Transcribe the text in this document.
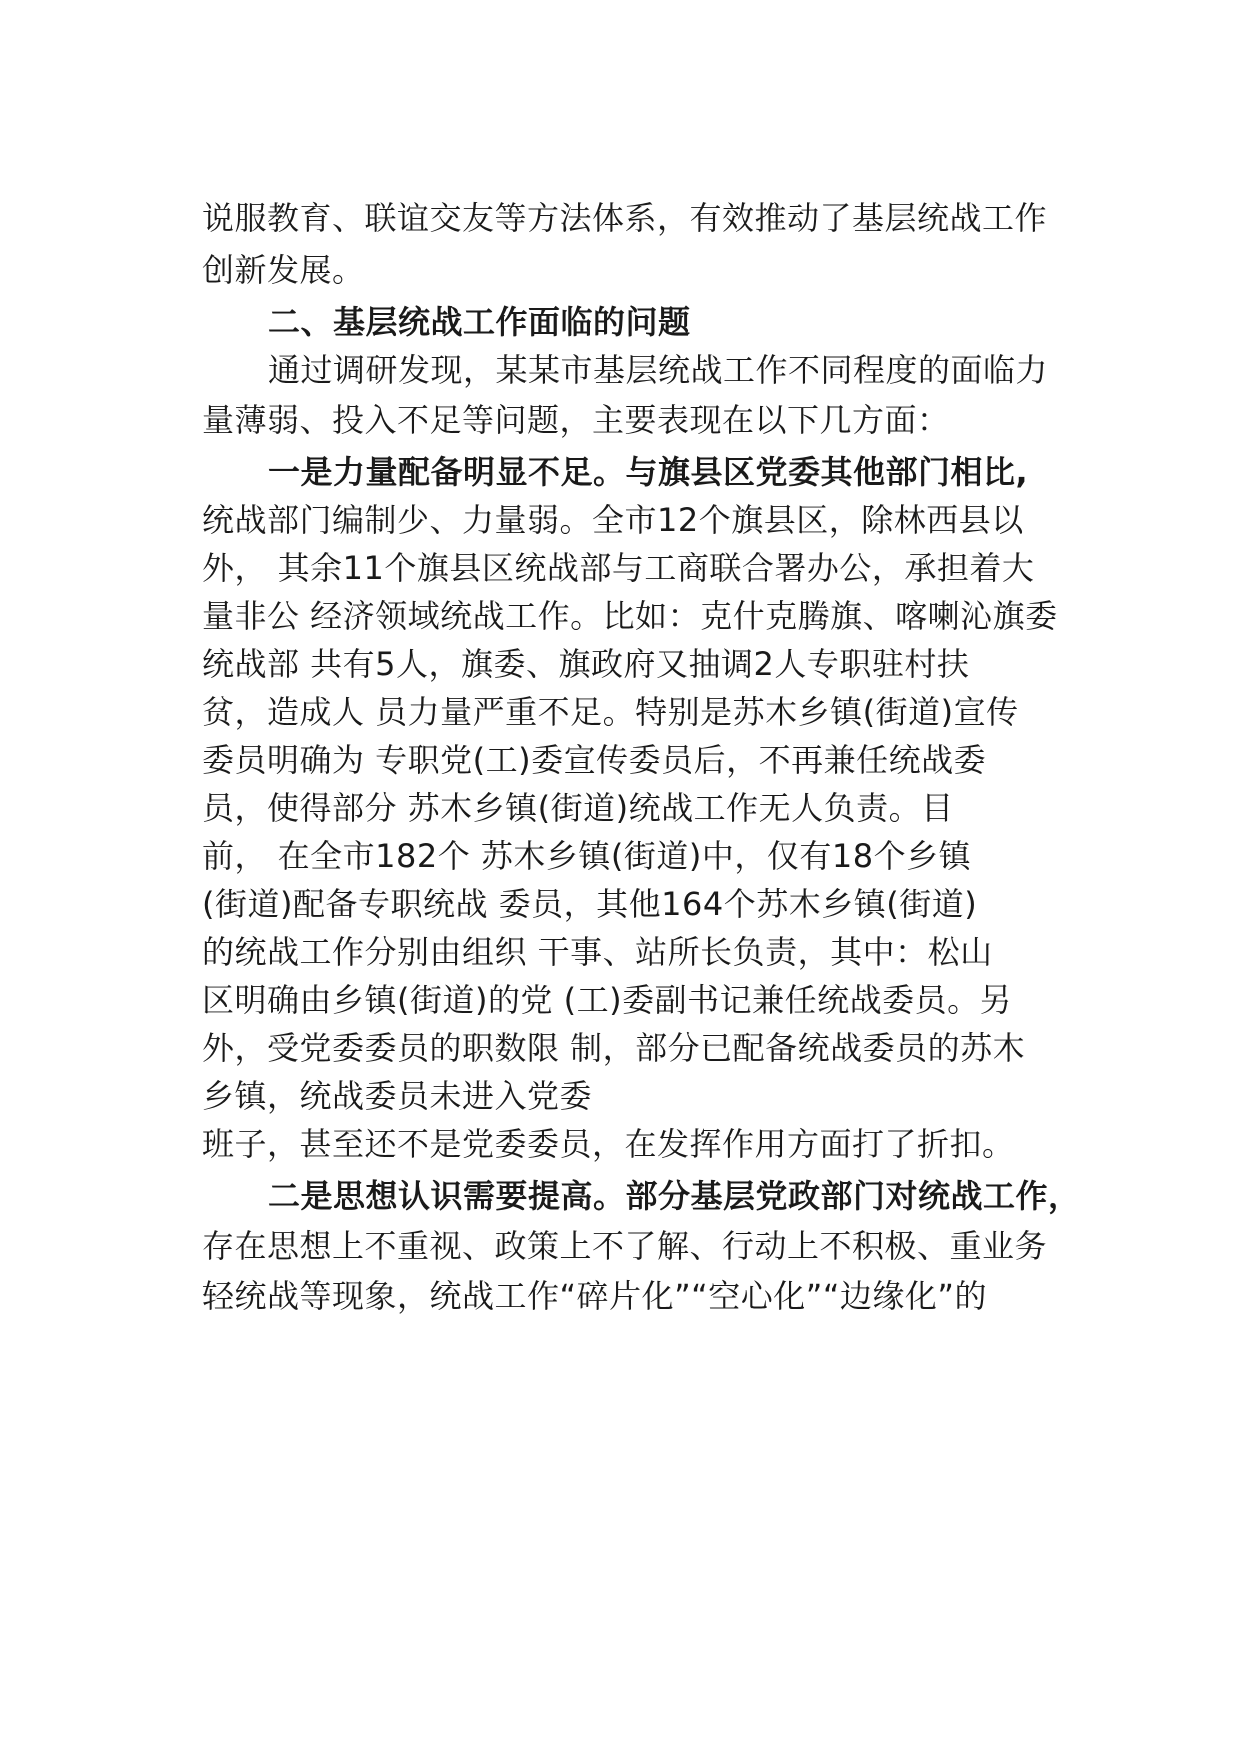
说服教育、联谊交友等方法体系，有效推动了基层统战工作
创新发展。
二、基层统战工作面临的问题
通过调研发现，某某市基层统战工作不同程度的面临力
量薄弱、投入不足等问题，主要表现在以下几方面：
一是力量配备明显不足。与旗县区党委其他部门相比,
统战部门编制少、力量弱。全市12个旗县区，除林西县以
外， 其余11个旗县区统战部与工商联合署办公，承担着大
量非公 经济领域统战工作。比如：克什克腾旗、喀喇沁旗委
统战部 共有5人，旗委、旗政府又抽调2人专职驻村扶
贫，造成人 员力量严重不足。特别是苏木乡镇(街道)宣传
委员明确为 专职党(工)委宣传委员后，不再兼任统战委
员，使得部分 苏木乡镇(街道)统战工作无人负责。目
前， 在全市182个 苏木乡镇(街道)中，仅有18个乡镇
(街道)配备专职统战 委员，其他164个苏木乡镇(街道)
的统战工作分别由组织 干事、站所长负责，其中：松山
区明确由乡镇(街道)的党 (工)委副书记兼任统战委员。另
外，受党委委员的职数限 制，部分已配备统战委员的苏木
乡镇，统战委员未进入党委
班子，甚至还不是党委委员，在发挥作用方面打了折扣。
二是思想认识需要提高。部分基层党政部门对统战工作，
存在思想上不重视、政策上不了解、行动上不积极、重业务
轻统战等现象，统战工作“碎片化”“空心化”“边缘化”的
